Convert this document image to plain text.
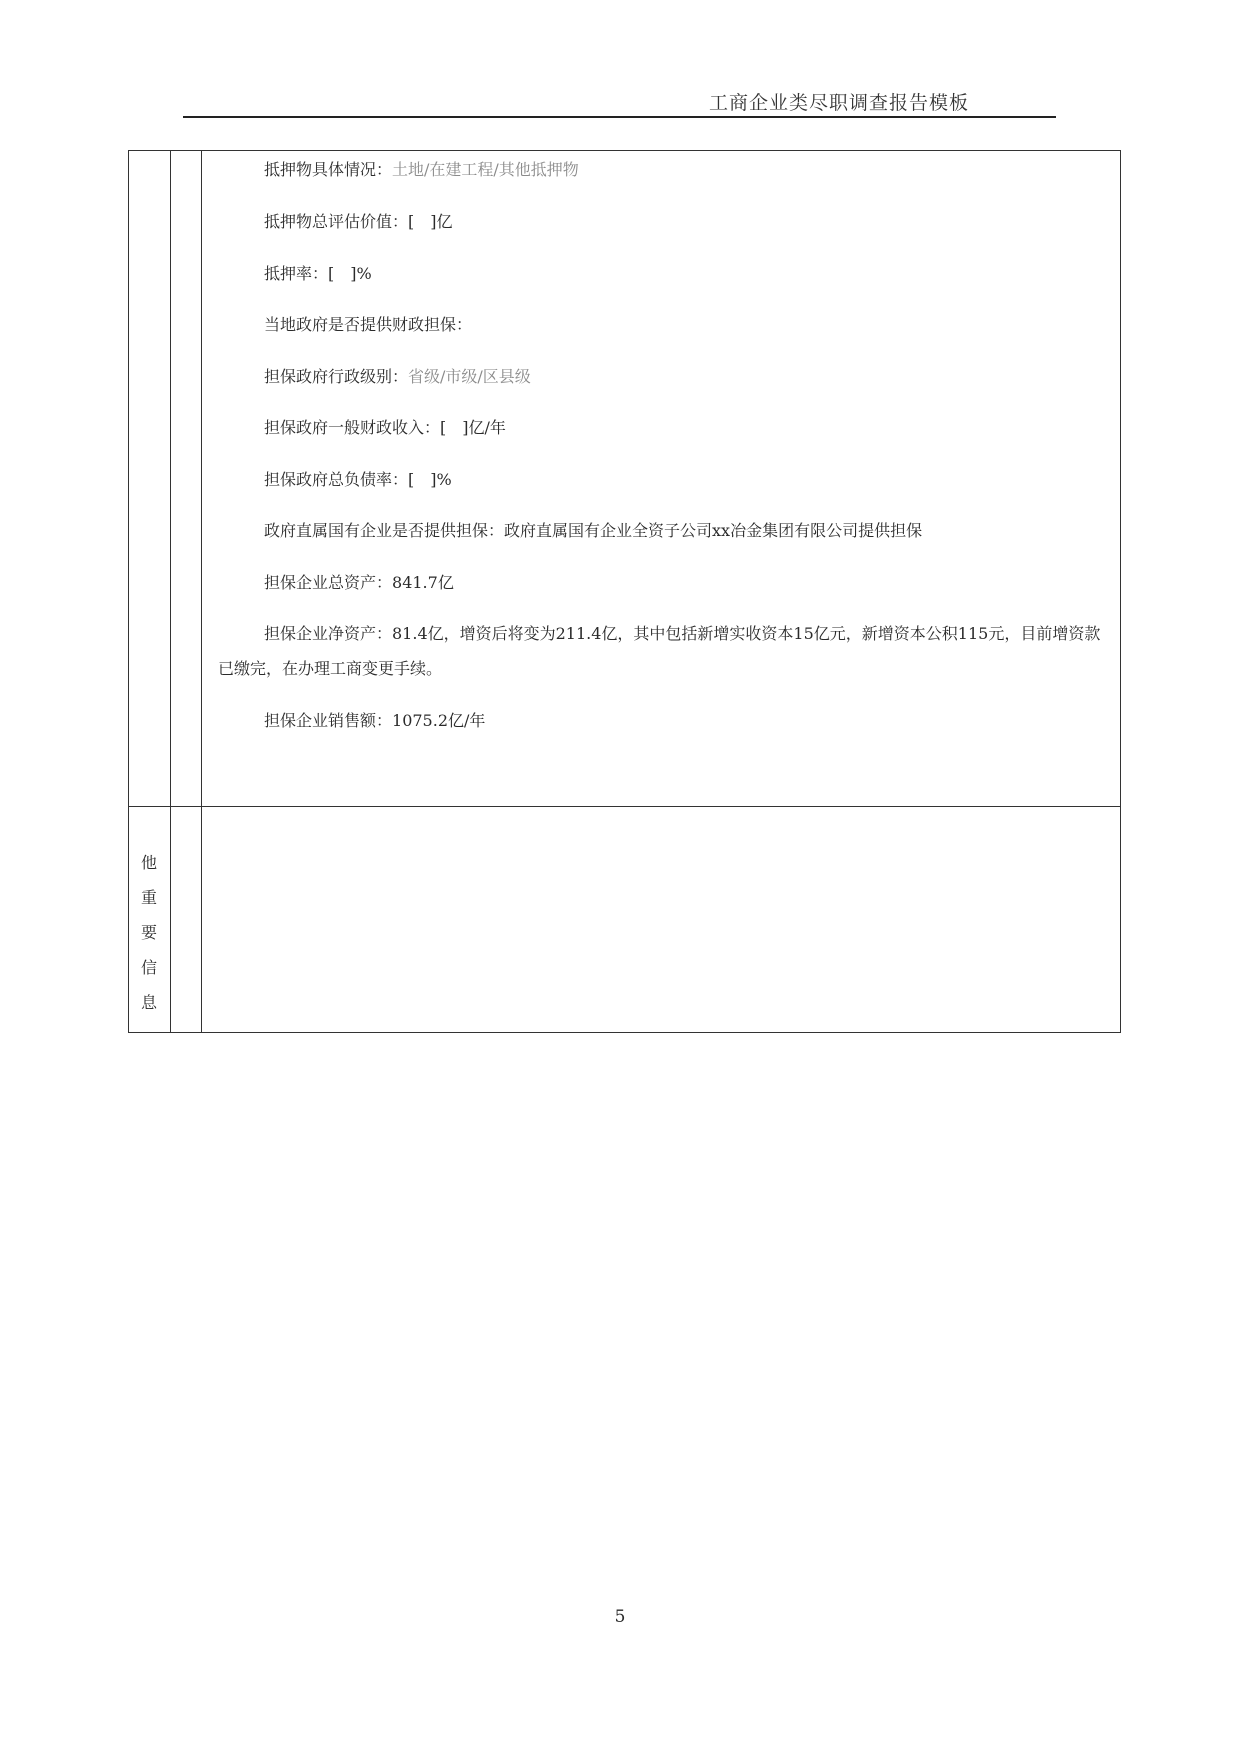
工商企业类尽职调查报告模板
抵押物具体情况：土地/在建工程/其他抵押物
抵押物总评估价值：[　]亿
抵押率：[　]%
当地政府是否提供财政担保：
担保政府行政级别：省级/市级/区县级
担保政府一般财政收入：[　]亿/年
担保政府总负债率：[　]%
政府直属国有企业是否提供担保：政府直属国有企业全资子公司xx冶金集团有限公司提供担保
担保企业总资产：841.7亿
担保企业净资产：81.4亿，增资后将变为211.4亿，其中包括新增实收资本15亿元，新增资本公积115元，目前增资款已缴完，在办理工商变更手续。
担保企业销售额：1075.2亿/年
他
重
要
信
息
5
